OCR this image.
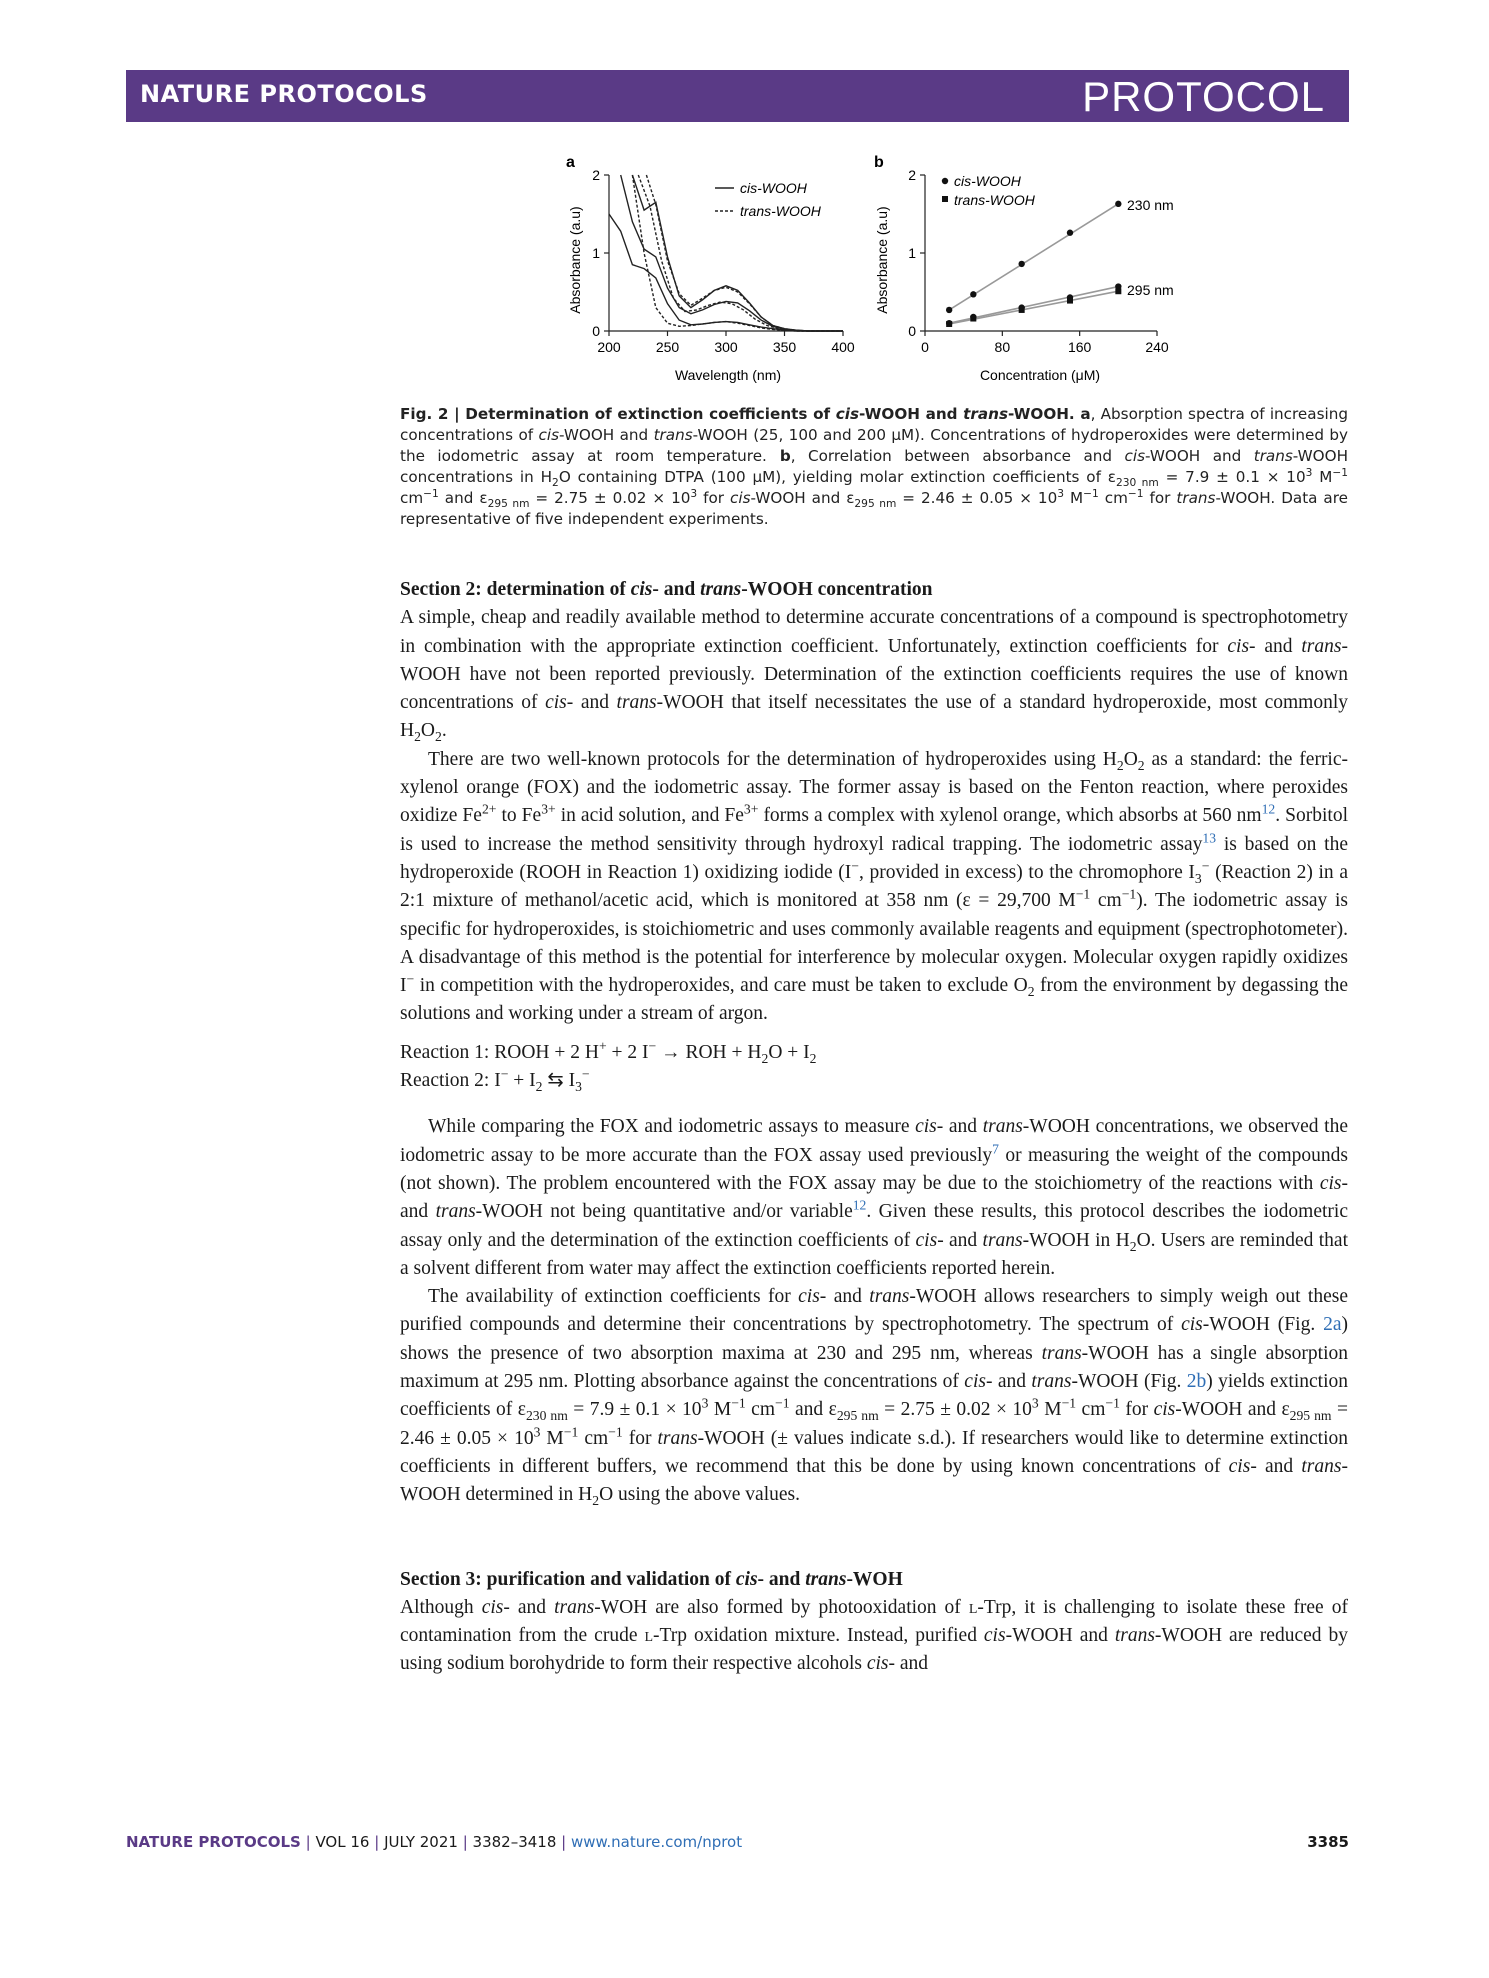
NATURE PROTOCOLS	PROTOCOL
a
Absorbance (a.u)
Wavelength (nm)
0
1
2
200	250	300	350	400
cis-WOOH
trans-WOOH
b
Absorbance (a.u)
Concentration (μM)
0
1
2
0	80	160	240
cis-WOOH
trans-WOOH	230 nm
295 nm

Fig. 2 | Determination of extinction coefficients of cis-WOOH and trans-WOOH. a, Absorption spectra of increasing concentrations of cis-WOOH and trans-WOOH (25, 100 and 200 μM). Concentrations of hydroperoxides were determined by the iodometric assay at room temperature. b, Correlation between absorbance and cis-WOOH and trans-WOOH concentrations in $H_2O$ containing DTPA (100 μM), yielding molar extinction coefficients of $\varepsilon_{230 nm} = 7.9 \pm 0.1 \times 10^3$ $M^{-1}$ $cm^{-1}$ and $\varepsilon_{295 nm} = 2.75 \pm 0.02 \times 10^3$ for cis-WOOH and $\varepsilon_{295 nm} = 2.46 \pm 0.05 \times 10^3$ $M^{-1}$ $cm^{-1}$ for trans-WOOH. Data are representative of five independent experiments.

Section 2: determination of cis- and trans-WOOH concentration

A simple, cheap and readily available method to determine accurate concentrations of a compound is spectrophotometry in combination with the appropriate extinction coefficient. Unfortunately, extinction coefficients for cis- and trans-WOOH have not been reported previously. Determination of the extinction coefficients requires the use of known concentrations of cis- and trans-WOOH that itself necessitates the use of a standard hydroperoxide, most commonly $H_2O_2$.

There are two well-known protocols for the determination of hydroperoxides using $H_2O_2$ as a standard: the ferric-xylenol orange (FOX) and the iodometric assay. The former assay is based on the Fenton reaction, where peroxides oxidize $Fe^{2+}$ to $Fe^{3+}$ in acid solution, and $Fe^{3+}$ forms a complex with xylenol orange, which absorbs at 560 nm$^{12}$. Sorbitol is used to increase the method sensitivity through hydroxyl radical trapping. The iodometric assay$^{13}$ is based on the hydroperoxide (ROOH in Reaction 1) oxidizing iodide (I−, provided in excess) to the chromophore $I_3^-$ (Reaction 2) in a 2:1 mixture of methanol/acetic acid, which is monitored at 358 nm (ε = 29,700 $M^{-1}$ $cm^{-1}$). The iodometric assay is specific for hydroperoxides, is stoichiometric and uses commonly available reagents and equipment (spectrophotometer). A disadvantage of this method is the potential for interference by molecular oxygen. Molecular oxygen rapidly oxidizes I− in competition with the hydroperoxides, and care must be taken to exclude $O_2$ from the environment by degassing the solutions and working under a stream of argon.

Reaction 1: ROOH + 2 H+ + 2 I− → ROH + $H_2O + I_2$

Reaction 2: $I^- + I_2$ ⇆ $I_3^-$

While comparing the FOX and iodometric assays to measure cis- and trans-WOOH concentrations, we observed the iodometric assay to be more accurate than the FOX assay used previously$^7$ or measuring the weight of the compounds (not shown). The problem encountered with the FOX assay may be due to the stoichiometry of the reactions with cis- and trans-WOOH not being quantitative and/or variable$^{12}$. Given these results, this protocol describes the iodometric assay only and the determination of the extinction coefficients of cis- and trans-WOOH in $H_2O$. Users are reminded that a solvent different from water may affect the extinction coefficients reported herein.

The availability of extinction coefficients for cis- and trans-WOOH allows researchers to simply weigh out these purified compounds and determine their concentrations by spectrophotometry. The spectrum of cis-WOOH (Fig. 2a) shows the presence of two absorption maxima at 230 and 295 nm, whereas trans-WOOH has a single absorption maximum at 295 nm. Plotting absorbance against the concentrations of cis- and trans-WOOH (Fig. 2b) yields extinction coefficients of $\varepsilon_{230 nm} = 7.9 \pm 0.1 \times 10^3$ $M^{-1}$ $cm^{-1}$ and $\varepsilon_{295 nm} = 2.75 \pm 0.02 \times 10^3$ $M^{-1}$ $cm^{-1}$ for cis-WOOH and $\varepsilon_{295 nm} = 2.46 \pm 0.05 \times 10^3$ $M^{-1}$ $cm^{-1}$ for trans-WOOH (± values indicate s.d.). If researchers would like to determine extinction coefficients in different buffers, we recommend that this be done by using known concentrations of cis- and trans-WOOH determined in $H_2O$ using the above values.

Section 3: purification and validation of cis- and trans-WOH

Although cis- and trans-WOH are also formed by photooxidation of l-Trp, it is challenging to isolate these free of contamination from the crude l-Trp oxidation mixture. Instead, purified cis-WOOH and trans-WOOH are reduced by using sodium borohydride to form their respective alcohols cis- and

NATURE PROTOCOLS | VOL 16 | JULY 2021 | 3382–3418 | www.nature.com/nprot	3385
